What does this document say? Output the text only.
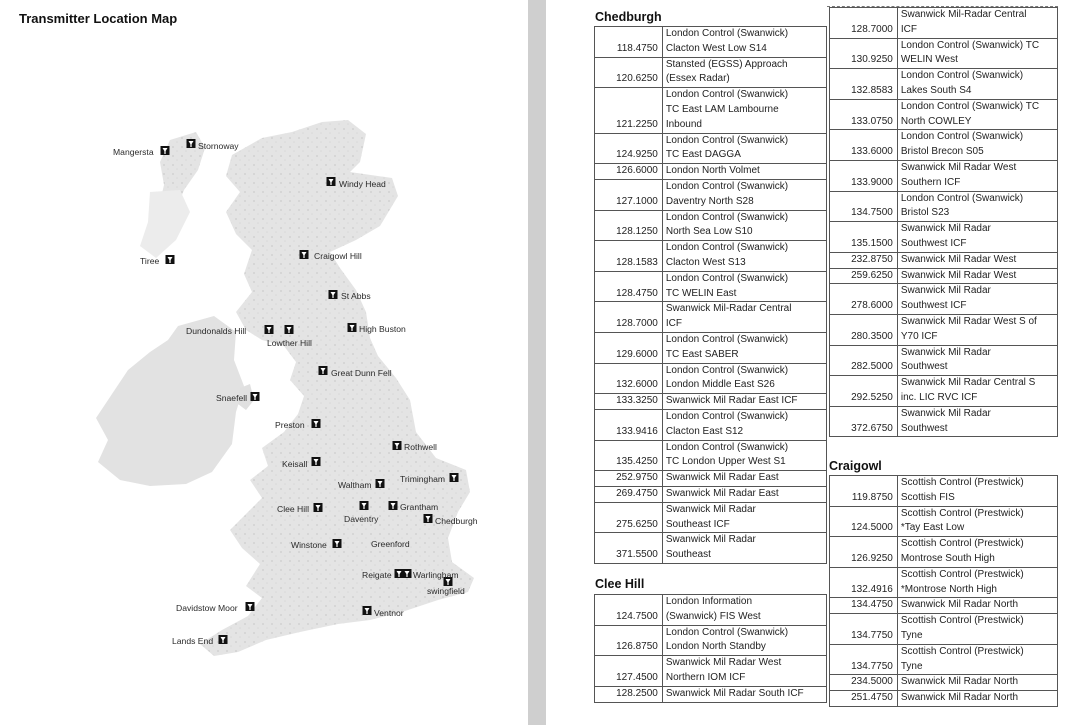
Mangersta
Stornoway
Windy Head
Tiree	Craigowl Hill
St Abbs
Dundonalds Hill
Lowther Hill
High Buston
Great Dunn Fell
Snaefell
Preston
Rothwell
Keisall
Trimingham
Waltham
Grantham
Clee Hill
Daventry	Chedburgh
Winstone	Greenford
Reigate Warlingham
swingfield
Davidstow Moor	Ventnor
Lands End
Transmitter Location Map	Chedburgh
118.4750	London Control (Swanwick)
Clacton West Low S14

120.6250	Stansted (EGSS) Approach
(Essex Radar)

121.2250	London Control (Swanwick)
TC East LAM Lambourne
Inbound

124.9250	London Control (Swanwick)
TC East DAGGA

126.6000	London North Volmet

127.1000	London Control (Swanwick)
Daventry North S28

128.1250	London Control (Swanwick)
North Sea Low S10

128.1583	London Control (Swanwick)
Clacton West S13

128.4750	London Control (Swanwick)
TC WELIN East

128.7000	Swanwick Mil-Radar Central
ICF

129.6000	London Control (Swanwick)
TC East SABER

132.6000	London Control (Swanwick)
London Middle East S26

133.3250	Swanwick Mil Radar East ICF

133.9416	London Control (Swanwick)
Clacton East S12

135.4250	London Control (Swanwick)
TC London Upper West S1

252.9750	Swanwick Mil Radar East

269.4750	Swanwick Mil Radar East

275.6250	Swanwick Mil Radar
Southeast ICF

371.5500	Swanwick Mil Radar
Southeast
Clee Hill
124.7500	London Information
(Swanwick) FIS West

126.8750	London Control (Swanwick)
London North Standby

127.4500	Swanwick Mil Radar West
Northern IOM ICF

128.2500	Swanwick Mil Radar South ICF
128.7000	Swanwick Mil-Radar Central
ICF

130.9250	London Control (Swanwick) TC
WELIN West

132.8583	London Control (Swanwick)
Lakes South S4

133.0750	London Control (Swanwick) TC
North COWLEY

133.6000	London Control (Swanwick)
Bristol Brecon S05

133.9000	Swanwick Mil Radar West
Southern ICF

134.7500	London Control (Swanwick)
Bristol S23

135.1500	Swanwick Mil Radar
Southwest ICF

232.8750	Swanwick Mil Radar West

259.6250	Swanwick Mil Radar West

278.6000	Swanwick Mil Radar
Southwest ICF

280.3500	Swanwick Mil Radar West S of
Y70 ICF

282.5000	Swanwick Mil Radar
Southwest

292.5250	Swanwick Mil Radar Central S
inc. LIC RVC ICF

372.6750	Swanwick Mil Radar
Southwest
Craigowl
119.8750	Scottish Control (Prestwick)
Scottish FIS

124.5000	Scottish Control (Prestwick)
*Tay East Low

126.9250	Scottish Control (Prestwick)
Montrose South High

132.4916	Scottish Control (Prestwick)
*Montrose North High

134.4750	Swanwick Mil Radar North

134.7750	Scottish Control (Prestwick)
Tyne

134.7750	Scottish Control (Prestwick)
Tyne

234.5000	Swanwick Mil Radar North

251.4750	Swanwick Mil Radar North
